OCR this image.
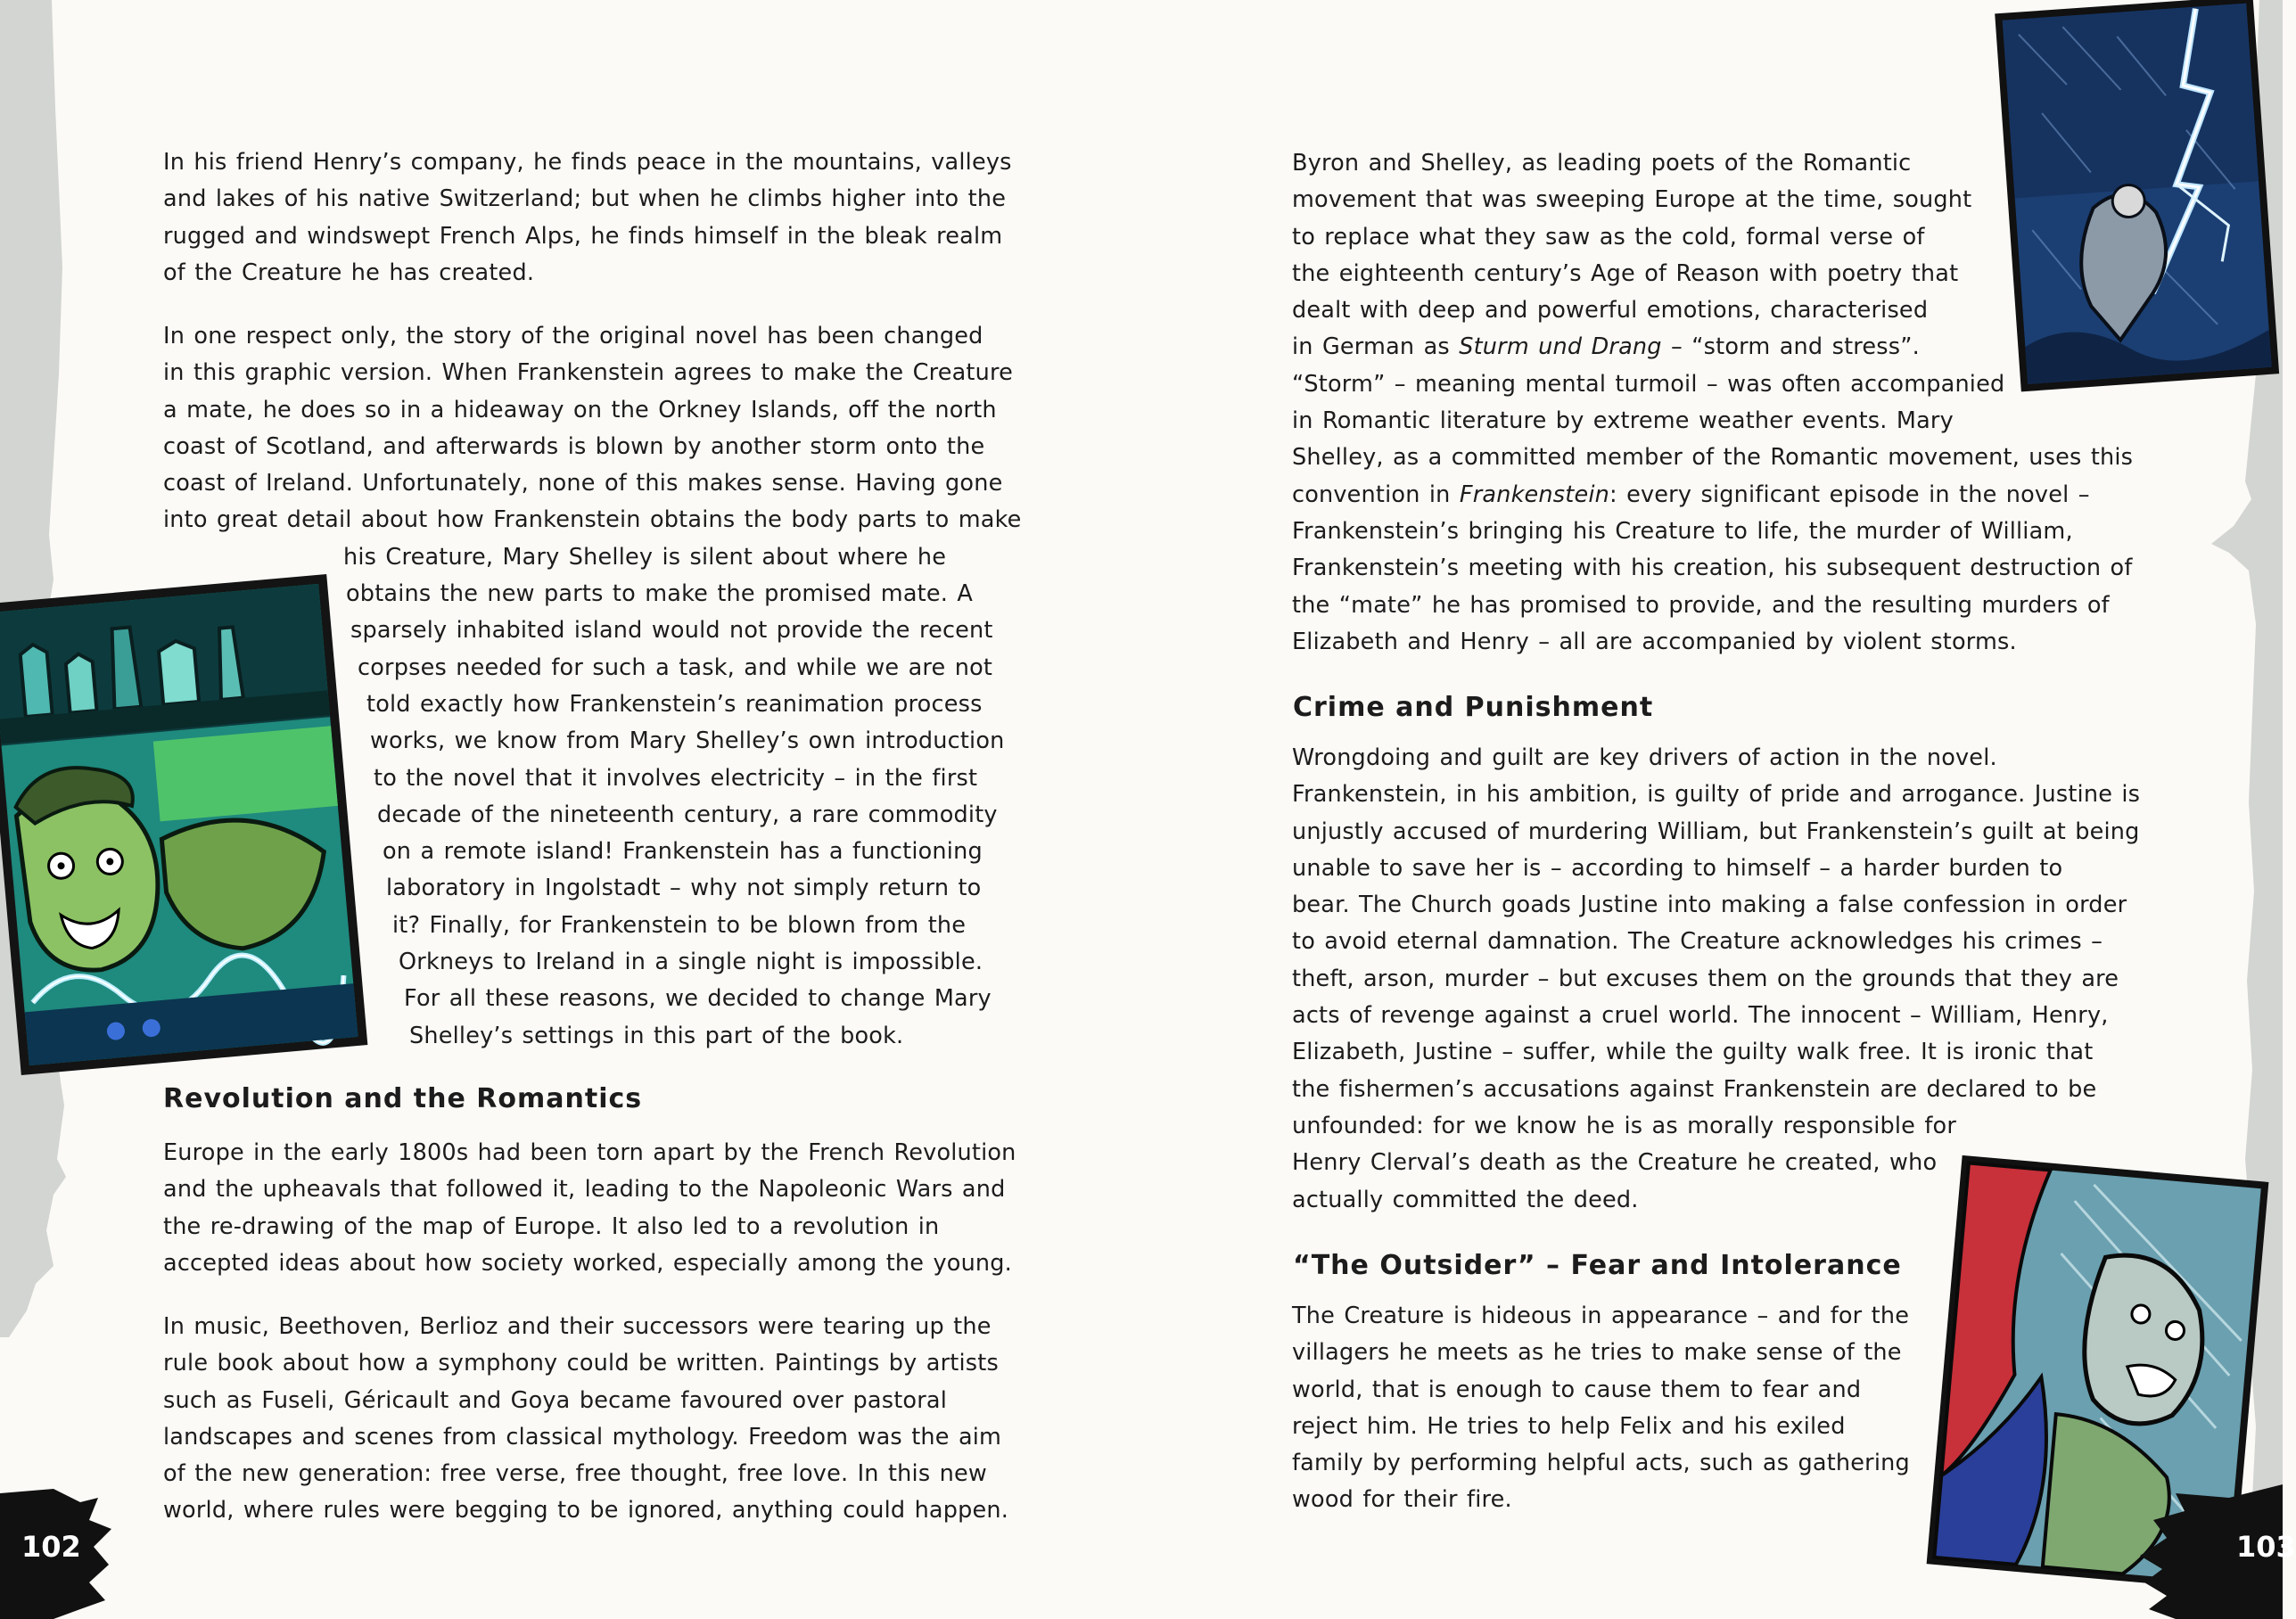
In his friend Henry’s company, he finds peace in the mountains, valleys
and lakes of his native Switzerland; but when he climbs higher into the
rugged and windswept French Alps, he finds himself in the bleak realm
of the Creature he has created.
In one respect only, the story of the original novel has been changed
in this graphic version. When Frankenstein agrees to make the Creature
a mate, he does so in a hideaway on the Orkney Islands, off the north
coast of Scotland, and afterwards is blown by another storm onto the
coast of Ireland. Unfortunately, none of this makes sense. Having gone
into great detail about how Frankenstein obtains the body parts to make
his Creature, Mary Shelley is silent about where he
obtains the new parts to make the promised mate. A
sparsely inhabited island would not provide the recent
corpses needed for such a task, and while we are not
told exactly how Frankenstein’s reanimation process
works, we know from Mary Shelley’s own introduction
to the novel that it involves electricity – in the first
decade of the nineteenth century, a rare commodity
on a remote island! Frankenstein has a functioning
laboratory in Ingolstadt – why not simply return to
it? Finally, for Frankenstein to be blown from the
Orkneys to Ireland in a single night is impossible.
For all these reasons, we decided to change Mary
Shelley’s settings in this part of the book.
Revolution and the Romantics
Europe in the early 1800s had been torn apart by the French Revolution
and the upheavals that followed it, leading to the Napoleonic Wars and
the re-drawing of the map of Europe. It also led to a revolution in
accepted ideas about how society worked, especially among the young.
In music, Beethoven, Berlioz and their successors were tearing up the
rule book about how a symphony could be written. Paintings by artists
such as Fuseli, Géricault and Goya became favoured over pastoral
landscapes and scenes from classical mythology. Freedom was the aim
of the new generation: free verse, free thought, free love. In this new
world, where rules were begging to be ignored, anything could happen.
102
Byron and Shelley, as leading poets of the Romantic
movement that was sweeping Europe at the time, sought
to replace what they saw as the cold, formal verse of
the eighteenth century’s Age of Reason with poetry that
dealt with deep and powerful emotions, characterised
in German as Sturm und Drang – “storm and stress”.
“Storm” – meaning mental turmoil – was often accompanied
in Romantic literature by extreme weather events. Mary
Shelley, as a committed member of the Romantic movement, uses this
convention in Frankenstein: every significant episode in the novel –
Frankenstein’s bringing his Creature to life, the murder of William,
Frankenstein’s meeting with his creation, his subsequent destruction of
the “mate” he has promised to provide, and the resulting murders of
Elizabeth and Henry – all are accompanied by violent storms.
Crime and Punishment
Wrongdoing and guilt are key drivers of action in the novel.
Frankenstein, in his ambition, is guilty of pride and arrogance. Justine is
unjustly accused of murdering William, but Frankenstein’s guilt at being
unable to save her is – according to himself – a harder burden to
bear. The Church goads Justine into making a false confession in order
to avoid eternal damnation. The Creature acknowledges his crimes –
theft, arson, murder – but excuses them on the grounds that they are
acts of revenge against a cruel world. The innocent – William, Henry,
Elizabeth, Justine – suffer, while the guilty walk free. It is ironic that
the fishermen’s accusations against Frankenstein are declared to be
unfounded: for we know he is as morally responsible for
Henry Clerval’s death as the Creature he created, who
actually committed the deed.
“The Outsider” – Fear and Intolerance
The Creature is hideous in appearance – and for the
villagers he meets as he tries to make sense of the
world, that is enough to cause them to fear and
reject him. He tries to help Felix and his exiled
family by performing helpful acts, such as gathering
wood for their fire.
103
